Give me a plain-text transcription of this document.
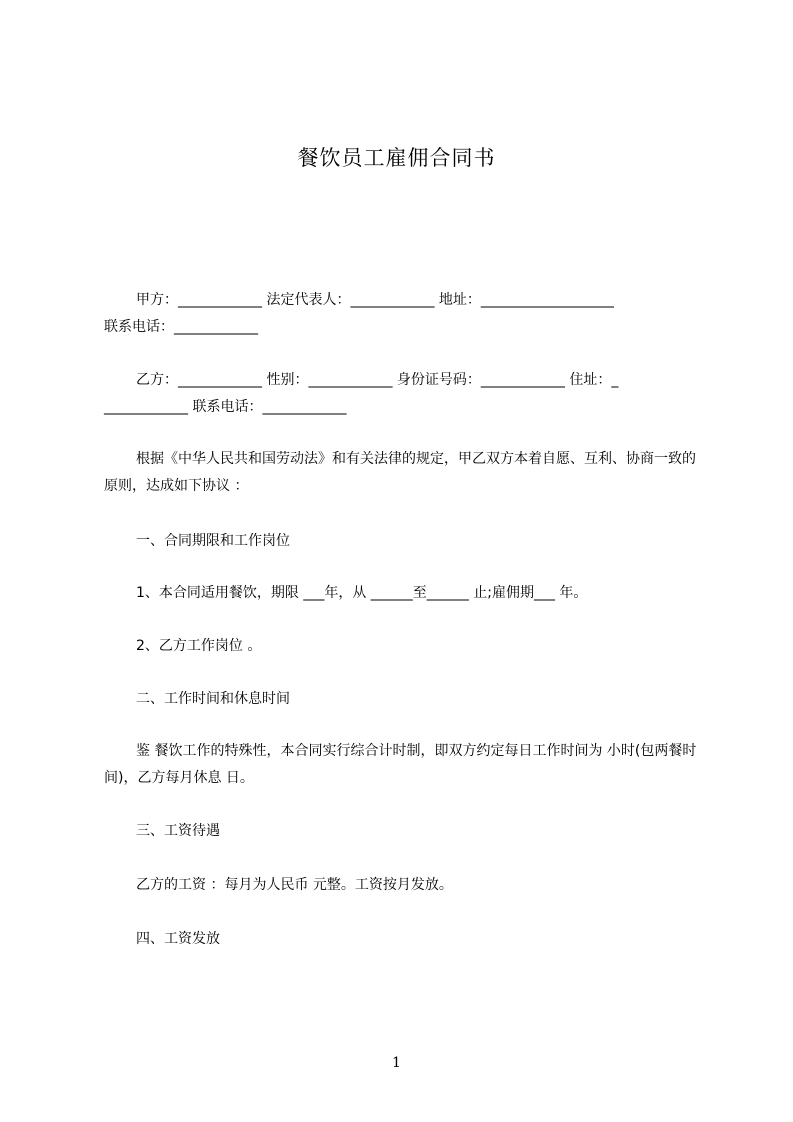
餐饮员工雇佣合同书

甲方：____________ 法定代表人：____________ 地址：___________________

联系电话：____________

乙方：____________ 性别：____________ 身份证号码：____________ 住址：_

____________ 联系电话：____________

根据《中华人民共和国劳动法》和有关法律的规定，甲乙双方本着自愿、互利、协商一致的原则，达成如下协议 ：

一、合同期限和工作岗位

1、本合同适用餐饮，期限 ___年，从 ______至______ 止;雇佣期___ 年。

2、乙方工作岗位 。

二、工作时间和休息时间

鉴 餐饮工作的特殊性，本合同实行综合计时制，即双方约定每日工作时间为 小时(包两餐时间)，乙方每月休息 日。

三、工资待遇

乙方的工资 ：每月为人民币 元整。工资按月发放。

四、工资发放

1
